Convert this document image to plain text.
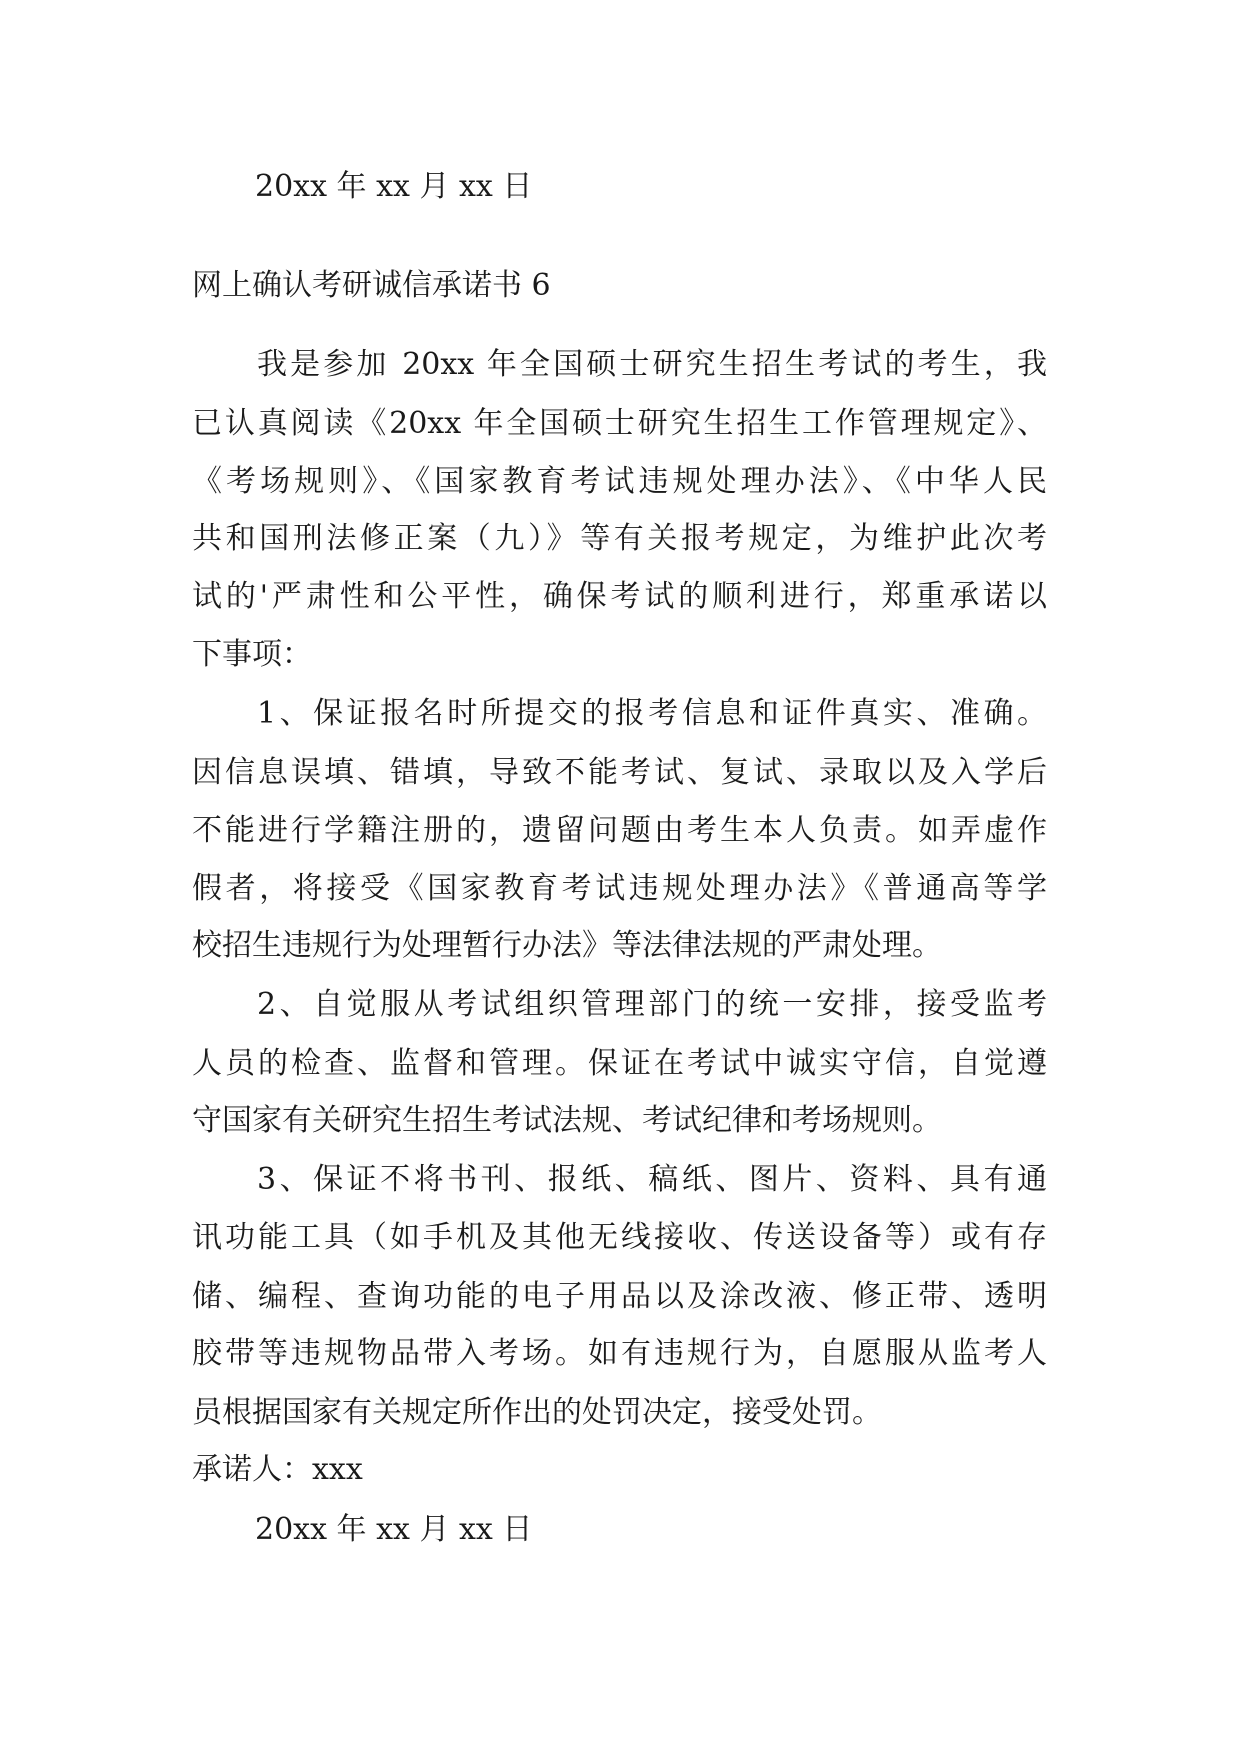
20xx 年 xx 月 xx 日
网上确认考研诚信承诺书 6
我是参加 20xx 年全国硕士研究生招生考试的考生，我
已认真阅读《20xx 年全国硕士研究生招生工作管理规定》、
《考场规则》、《国家教育考试违规处理办法》、《中华人民
共和国刑法修正案（九）》等有关报考规定，为维护此次考
试的'严肃性和公平性，确保考试的顺利进行，郑重承诺以
下事项：
1、保证报名时所提交的报考信息和证件真实、准确。
因信息误填、错填，导致不能考试、复试、录取以及入学后
不能进行学籍注册的，遗留问题由考生本人负责。如弄虚作
假者，将接受《国家教育考试违规处理办法》《普通高等学
校招生违规行为处理暂行办法》等法律法规的严肃处理。
2、自觉服从考试组织管理部门的统一安排，接受监考
人员的检查、监督和管理。保证在考试中诚实守信，自觉遵
守国家有关研究生招生考试法规、考试纪律和考场规则。
3、保证不将书刊、报纸、稿纸、图片、资料、具有通
讯功能工具（如手机及其他无线接收、传送设备等）或有存
储、编程、查询功能的电子用品以及涂改液、修正带、透明
胶带等违规物品带入考场。如有违规行为，自愿服从监考人
员根据国家有关规定所作出的处罚决定，接受处罚。
承诺人：xxx
20xx 年 xx 月 xx 日
